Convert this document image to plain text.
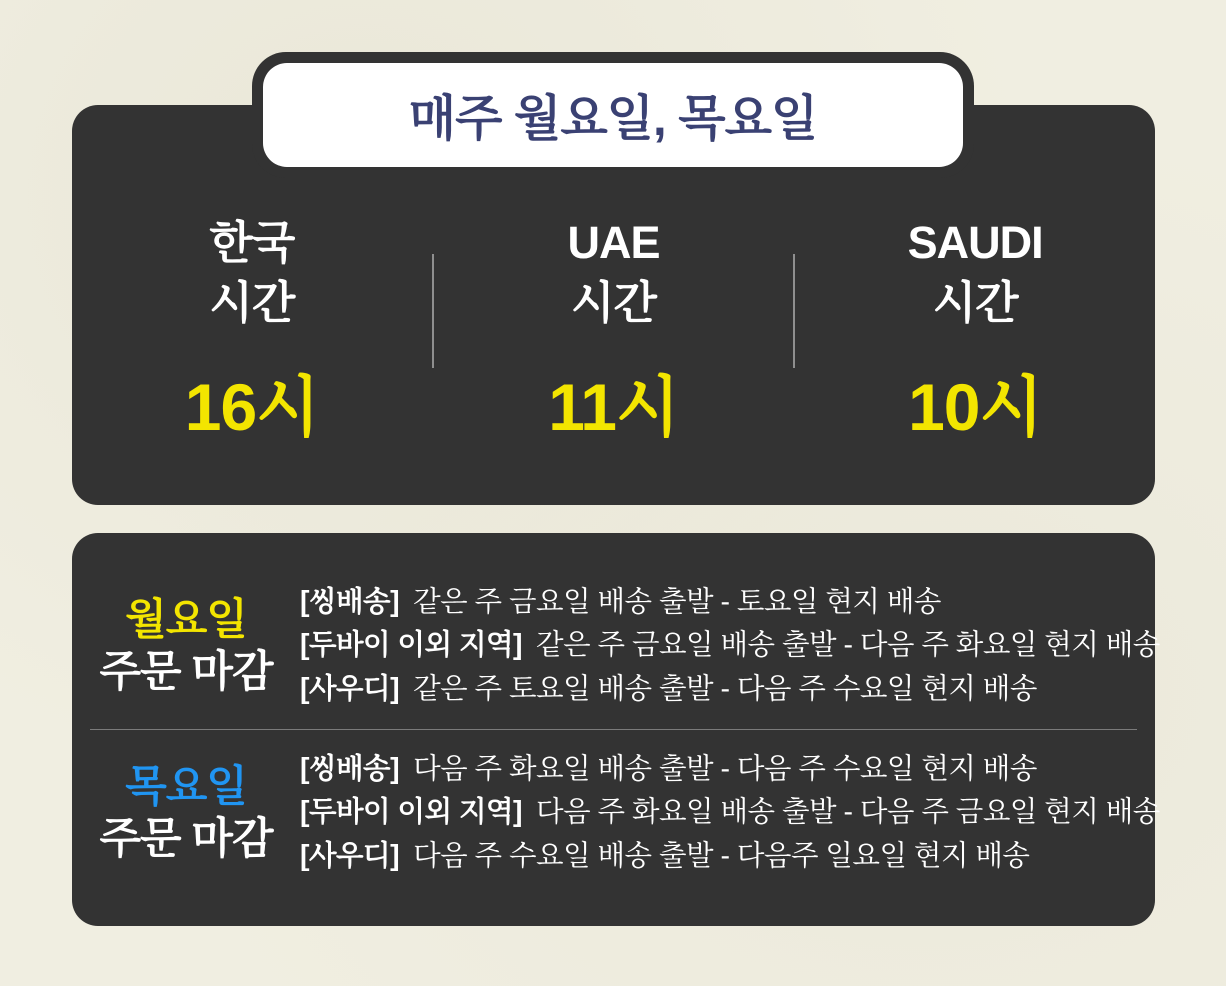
매주 월요일, 목요일
한국
시간
16시
UAE
시간
11시
SAUDI
시간
10시
월요일
주문 마감
[씽배송] 같은 주 금요일 배송 출발 - 토요일 현지 배송
[두바이 이외 지역] 같은 주 금요일 배송 출발 - 다음 주 화요일 현지 배송
[사우디] 같은 주 토요일 배송 출발 - 다음 주 수요일 현지 배송
목요일
주문 마감
[씽배송] 다음 주 화요일 배송 출발 - 다음 주 수요일 현지 배송
[두바이 이외 지역] 다음 주 화요일 배송 출발 - 다음 주 금요일 현지 배송
[사우디] 다음 주 수요일 배송 출발 - 다음주 일요일 현지 배송
